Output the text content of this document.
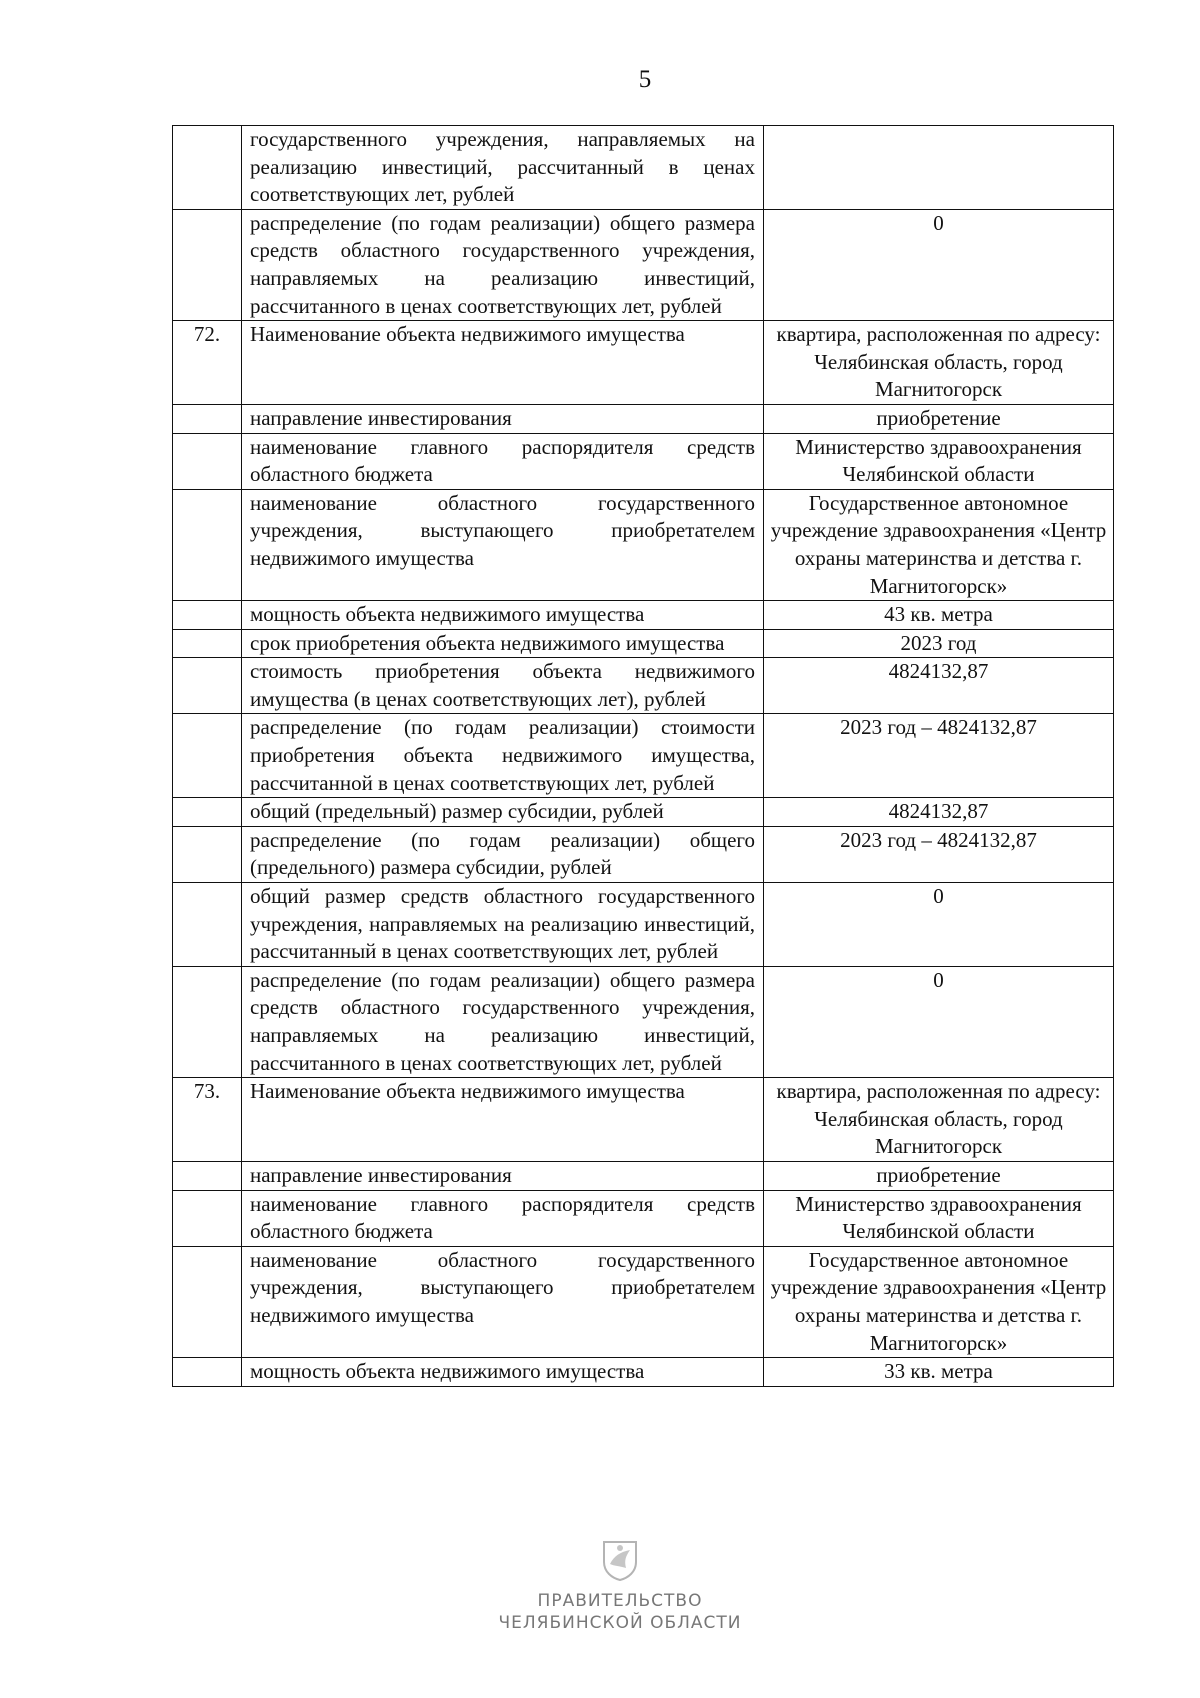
5
	государственного учреждения, направляемых на реализацию инвестиций, рассчитанный в ценах соответствующих лет, рублей	
	распределение (по годам реализации) общего размера средств областного государственного учреждения, направляемых на реализацию инвестиций, рассчитанного в ценах соответствующих лет, рублей	0
72.	Наименование объекта недвижимого имущества	квартира, расположенная по адресу: Челябинская область, город Магнитогорск
	направление инвестирования	приобретение
	наименование главного распорядителя средств областного бюджета	Министерство здравоохранения Челябинской области
	наименование областного государственного учреждения, выступающего приобретателем недвижимого имущества	Государственное автономное учреждение здравоохранения «Центр охраны материнства и детства г. Магнитогорск»
	мощность объекта недвижимого имущества	43 кв. метра
	срок приобретения объекта недвижимого имущества	2023 год
	стоимость приобретения объекта недвижимого имущества (в ценах соответствующих лет), рублей	4824132,87
	распределение (по годам реализации) стоимости приобретения объекта недвижимого имущества, рассчитанной в ценах соответствующих лет, рублей	2023 год – 4824132,87
	общий (предельный) размер субсидии, рублей	4824132,87
	распределение (по годам реализации) общего (предельного) размера субсидии, рублей	2023 год – 4824132,87
	общий размер средств областного государственного учреждения, направляемых на реализацию инвестиций, рассчитанный в ценах соответствующих лет, рублей	0
	распределение (по годам реализации) общего размера средств областного государственного учреждения, направляемых на реализацию инвестиций, рассчитанного в ценах соответствующих лет, рублей	0
73.	Наименование объекта недвижимого имущества	квартира, расположенная по адресу: Челябинская область, город Магнитогорск
	направление инвестирования	приобретение
	наименование главного распорядителя средств областного бюджета	Министерство здравоохранения Челябинской области
	наименование областного государственного учреждения, выступающего приобретателем недвижимого имущества	Государственное автономное учреждение здравоохранения «Центр охраны материнства и детства г. Магнитогорск»
	мощность объекта недвижимого имущества	33 кв. метра
ПРАВИТЕЛЬСТВО
ЧЕЛЯБИНСКОЙ ОБЛАСТИ
